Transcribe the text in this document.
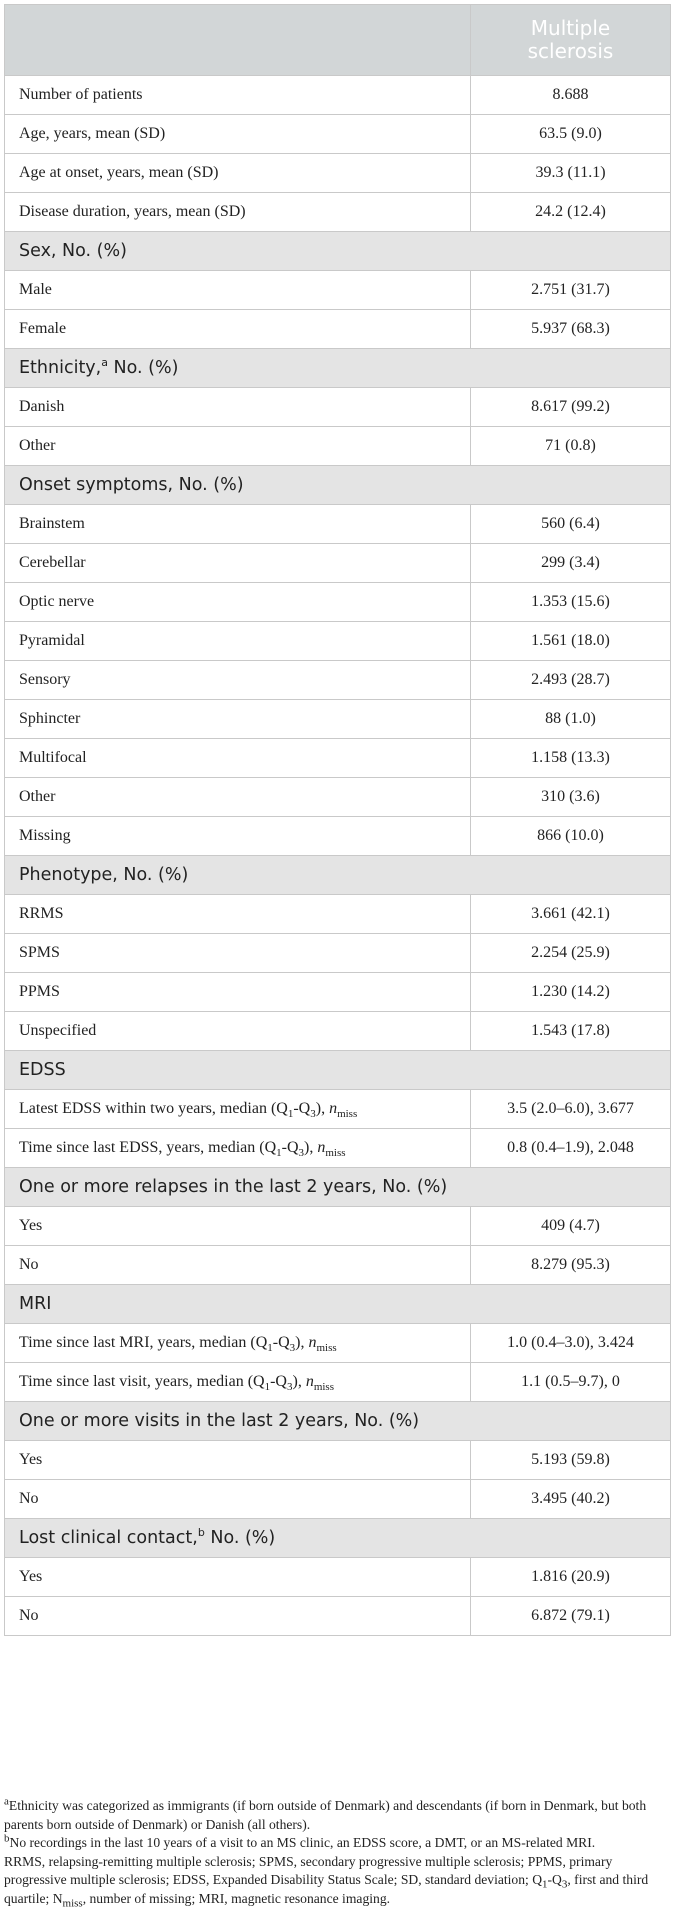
	Multiple sclerosis
Number of patients	8.688
Age, years, mean (SD)	63.5 (9.0)
Age at onset, years, mean (SD)	39.3 (11.1)
Disease duration, years, mean (SD)	24.2 (12.4)
Sex, No. (%)	
Male	2.751 (31.7)
Female	5.937 (68.3)
Ethnicity,$^a$ No. (%)	
Danish	8.617 (99.2)
Other	71 (0.8)
Onset symptoms, No. (%)	
Brainstem	560 (6.4)
Cerebellar	299 (3.4)
Optic nerve	1.353 (15.6)
Pyramidal	1.561 (18.0)
Sensory	2.493 (28.7)
Sphincter	88 (1.0)
Multifocal	1.158 (13.3)
Other	310 (3.6)
Missing	866 (10.0)
Phenotype, No. (%)	
RRMS	3.661 (42.1)
SPMS	2.254 (25.9)
PPMS	1.230 (14.2)
Unspecified	1.543 (17.8)
EDSS	
Latest EDSS within two years, median $(Q_1-Q_3)$, $n_{miss}$	3.5 (2.0–6.0), 3.677
Time since last EDSS, years, median $(Q_1-Q_3)$, $n_{miss}$	0.8 (0.4–1.9), 2.048
One or more relapses in the last 2 years, No. (%)	
Yes	409 (4.7)
No	8.279 (95.3)
MRI	
Time since last MRI, years, median $(Q_1-Q_3)$, $n_{miss}$	1.0 (0.4–3.0), 3.424
Time since last visit, years, median $(Q_1-Q_3)$, $n_{miss}$	1.1 (0.5–9.7), 0
One or more visits in the last 2 years, No. (%)	
Yes	5.193 (59.8)
No	3.495 (40.2)
Lost clinical contact,$^b$ No. (%)	
Yes	1.816 (20.9)
No	6.872 (79.1)

$^a$Ethnicity was categorized as immigrants (if born outside of Denmark) and descendants (if born in Denmark, but both parents born outside of Denmark) or Danish (all others).

$^b$No recordings in the last 10 years of a visit to an MS clinic, an EDSS score, a DMT, or an MS-related MRI.

RRMS, relapsing-remitting multiple sclerosis; SPMS, secondary progressive multiple sclerosis; PPMS, primary progressive multiple sclerosis; EDSS, Expanded Disability Status Scale; SD, standard deviation; $Q_1-Q_3$, first and third quartile; $N_{miss}$, number of missing; MRI, magnetic resonance imaging.
